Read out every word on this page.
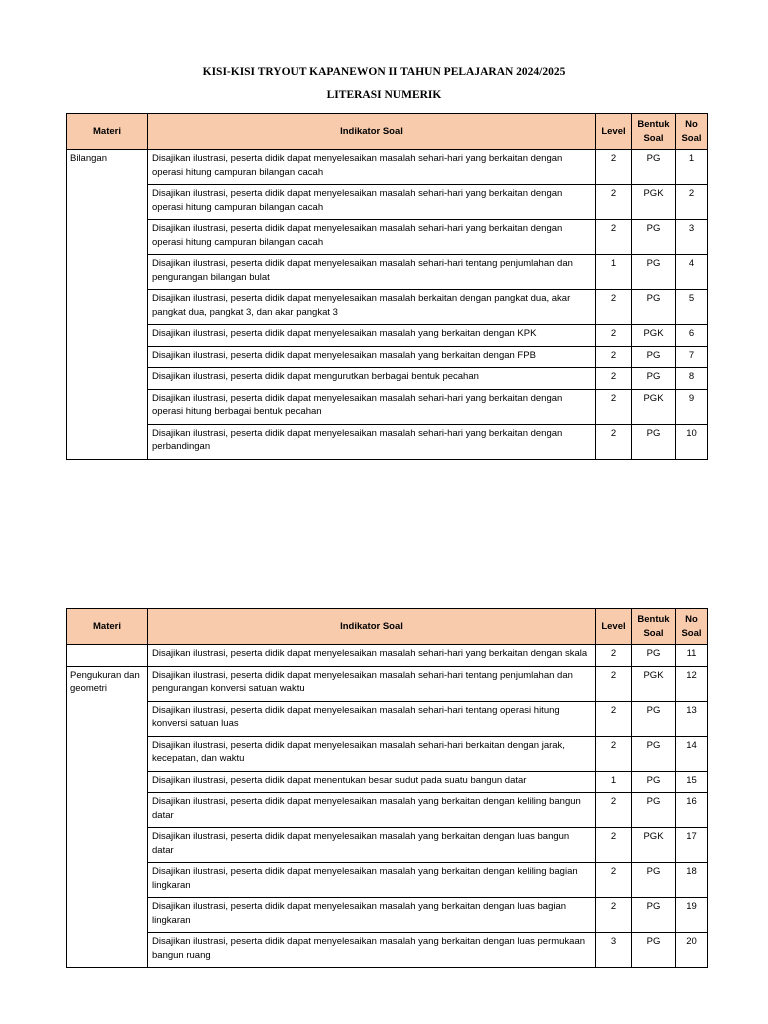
KISI-KISI TRYOUT KAPANEWON II TAHUN PELAJARAN 2024/2025
LITERASI NUMERIK
Materi	Indikator Soal	Level	Bentuk Soal	No Soal
Bilangan	Disajikan ilustrasi, peserta didik dapat menyelesaikan masalah sehari-hari yang berkaitan dengan operasi hitung campuran bilangan cacah	2	PG	1
	Disajikan ilustrasi, peserta didik dapat menyelesaikan masalah sehari-hari yang berkaitan dengan operasi hitung campuran bilangan cacah	2	PGK	2
	Disajikan ilustrasi, peserta didik dapat menyelesaikan masalah sehari-hari yang berkaitan dengan operasi hitung campuran bilangan cacah	2	PG	3
	Disajikan ilustrasi, peserta didik dapat menyelesaikan masalah sehari-hari tentang penjumlahan dan pengurangan bilangan bulat	1	PG	4
	Disajikan ilustrasi, peserta didik dapat menyelesaikan masalah berkaitan dengan pangkat dua, akar pangkat dua, pangkat 3, dan akar pangkat 3	2	PG	5
	Disajikan ilustrasi, peserta didik dapat menyelesaikan masalah yang berkaitan dengan KPK	2	PGK	6
	Disajikan ilustrasi, peserta didik dapat menyelesaikan masalah yang berkaitan dengan FPB	2	PG	7
	Disajikan ilustrasi, peserta didik dapat mengurutkan berbagai bentuk pecahan	2	PG	8
	Disajikan ilustrasi, peserta didik dapat menyelesaikan masalah sehari-hari yang berkaitan dengan operasi hitung berbagai bentuk pecahan	2	PGK	9
	Disajikan ilustrasi, peserta didik dapat menyelesaikan masalah sehari-hari yang berkaitan dengan perbandingan	2	PG	10
Materi	Indikator Soal	Level	Bentuk Soal	No Soal
	Disajikan ilustrasi, peserta didik dapat menyelesaikan masalah sehari-hari yang berkaitan dengan skala	2	PG	11
Pengukuran dan geometri	Disajikan ilustrasi, peserta didik dapat menyelesaikan masalah sehari-hari tentang penjumlahan dan pengurangan konversi satuan waktu	2	PGK	12
	Disajikan ilustrasi, peserta didik dapat menyelesaikan masalah sehari-hari tentang operasi hitung konversi satuan luas	2	PG	13
	Disajikan ilustrasi, peserta didik dapat menyelesaikan masalah sehari-hari berkaitan dengan jarak, kecepatan, dan waktu	2	PG	14
	Disajikan ilustrasi, peserta didik dapat menentukan besar sudut pada suatu bangun datar	1	PG	15
	Disajikan ilustrasi, peserta didik dapat menyelesaikan masalah yang berkaitan dengan keliling bangun datar	2	PG	16
	Disajikan ilustrasi, peserta didik dapat menyelesaikan masalah yang berkaitan dengan luas bangun datar	2	PGK	17
	Disajikan ilustrasi, peserta didik dapat menyelesaikan masalah yang berkaitan dengan keliling bagian lingkaran	2	PG	18
	Disajikan ilustrasi, peserta didik dapat menyelesaikan masalah yang berkaitan dengan luas bagian lingkaran	2	PG	19
	Disajikan ilustrasi, peserta didik dapat menyelesaikan masalah yang berkaitan dengan luas permukaan bangun ruang	3	PG	20
